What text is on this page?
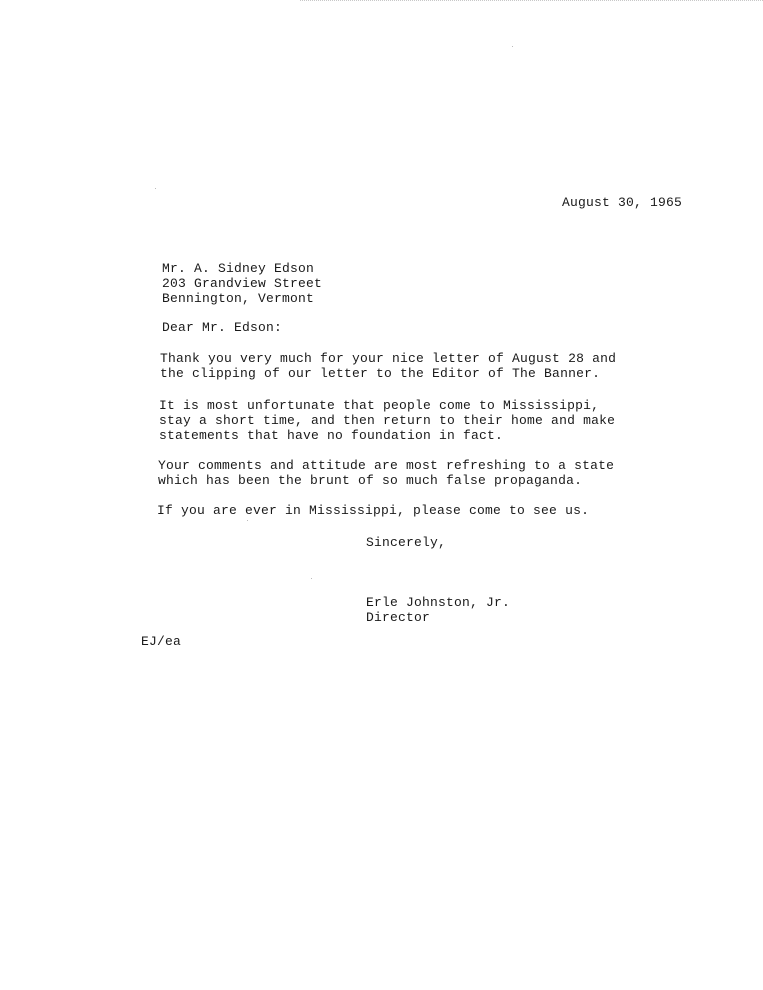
August 30, 1965
Mr. A. Sidney Edson
203 Grandview Street
Bennington, Vermont
Dear Mr. Edson:
Thank you very much for your nice letter of August 28 and
the clipping of our letter to the Editor of The Banner.
It is most unfortunate that people come to Mississippi,
stay a short time, and then return to their home and make
statements that have no foundation in fact.
Your comments and attitude are most refreshing to a state
which has been the brunt of so much false propaganda.
If you are ever in Mississippi, please come to see us.
Sincerely,
Erle Johnston, Jr.
Director
EJ/ea
